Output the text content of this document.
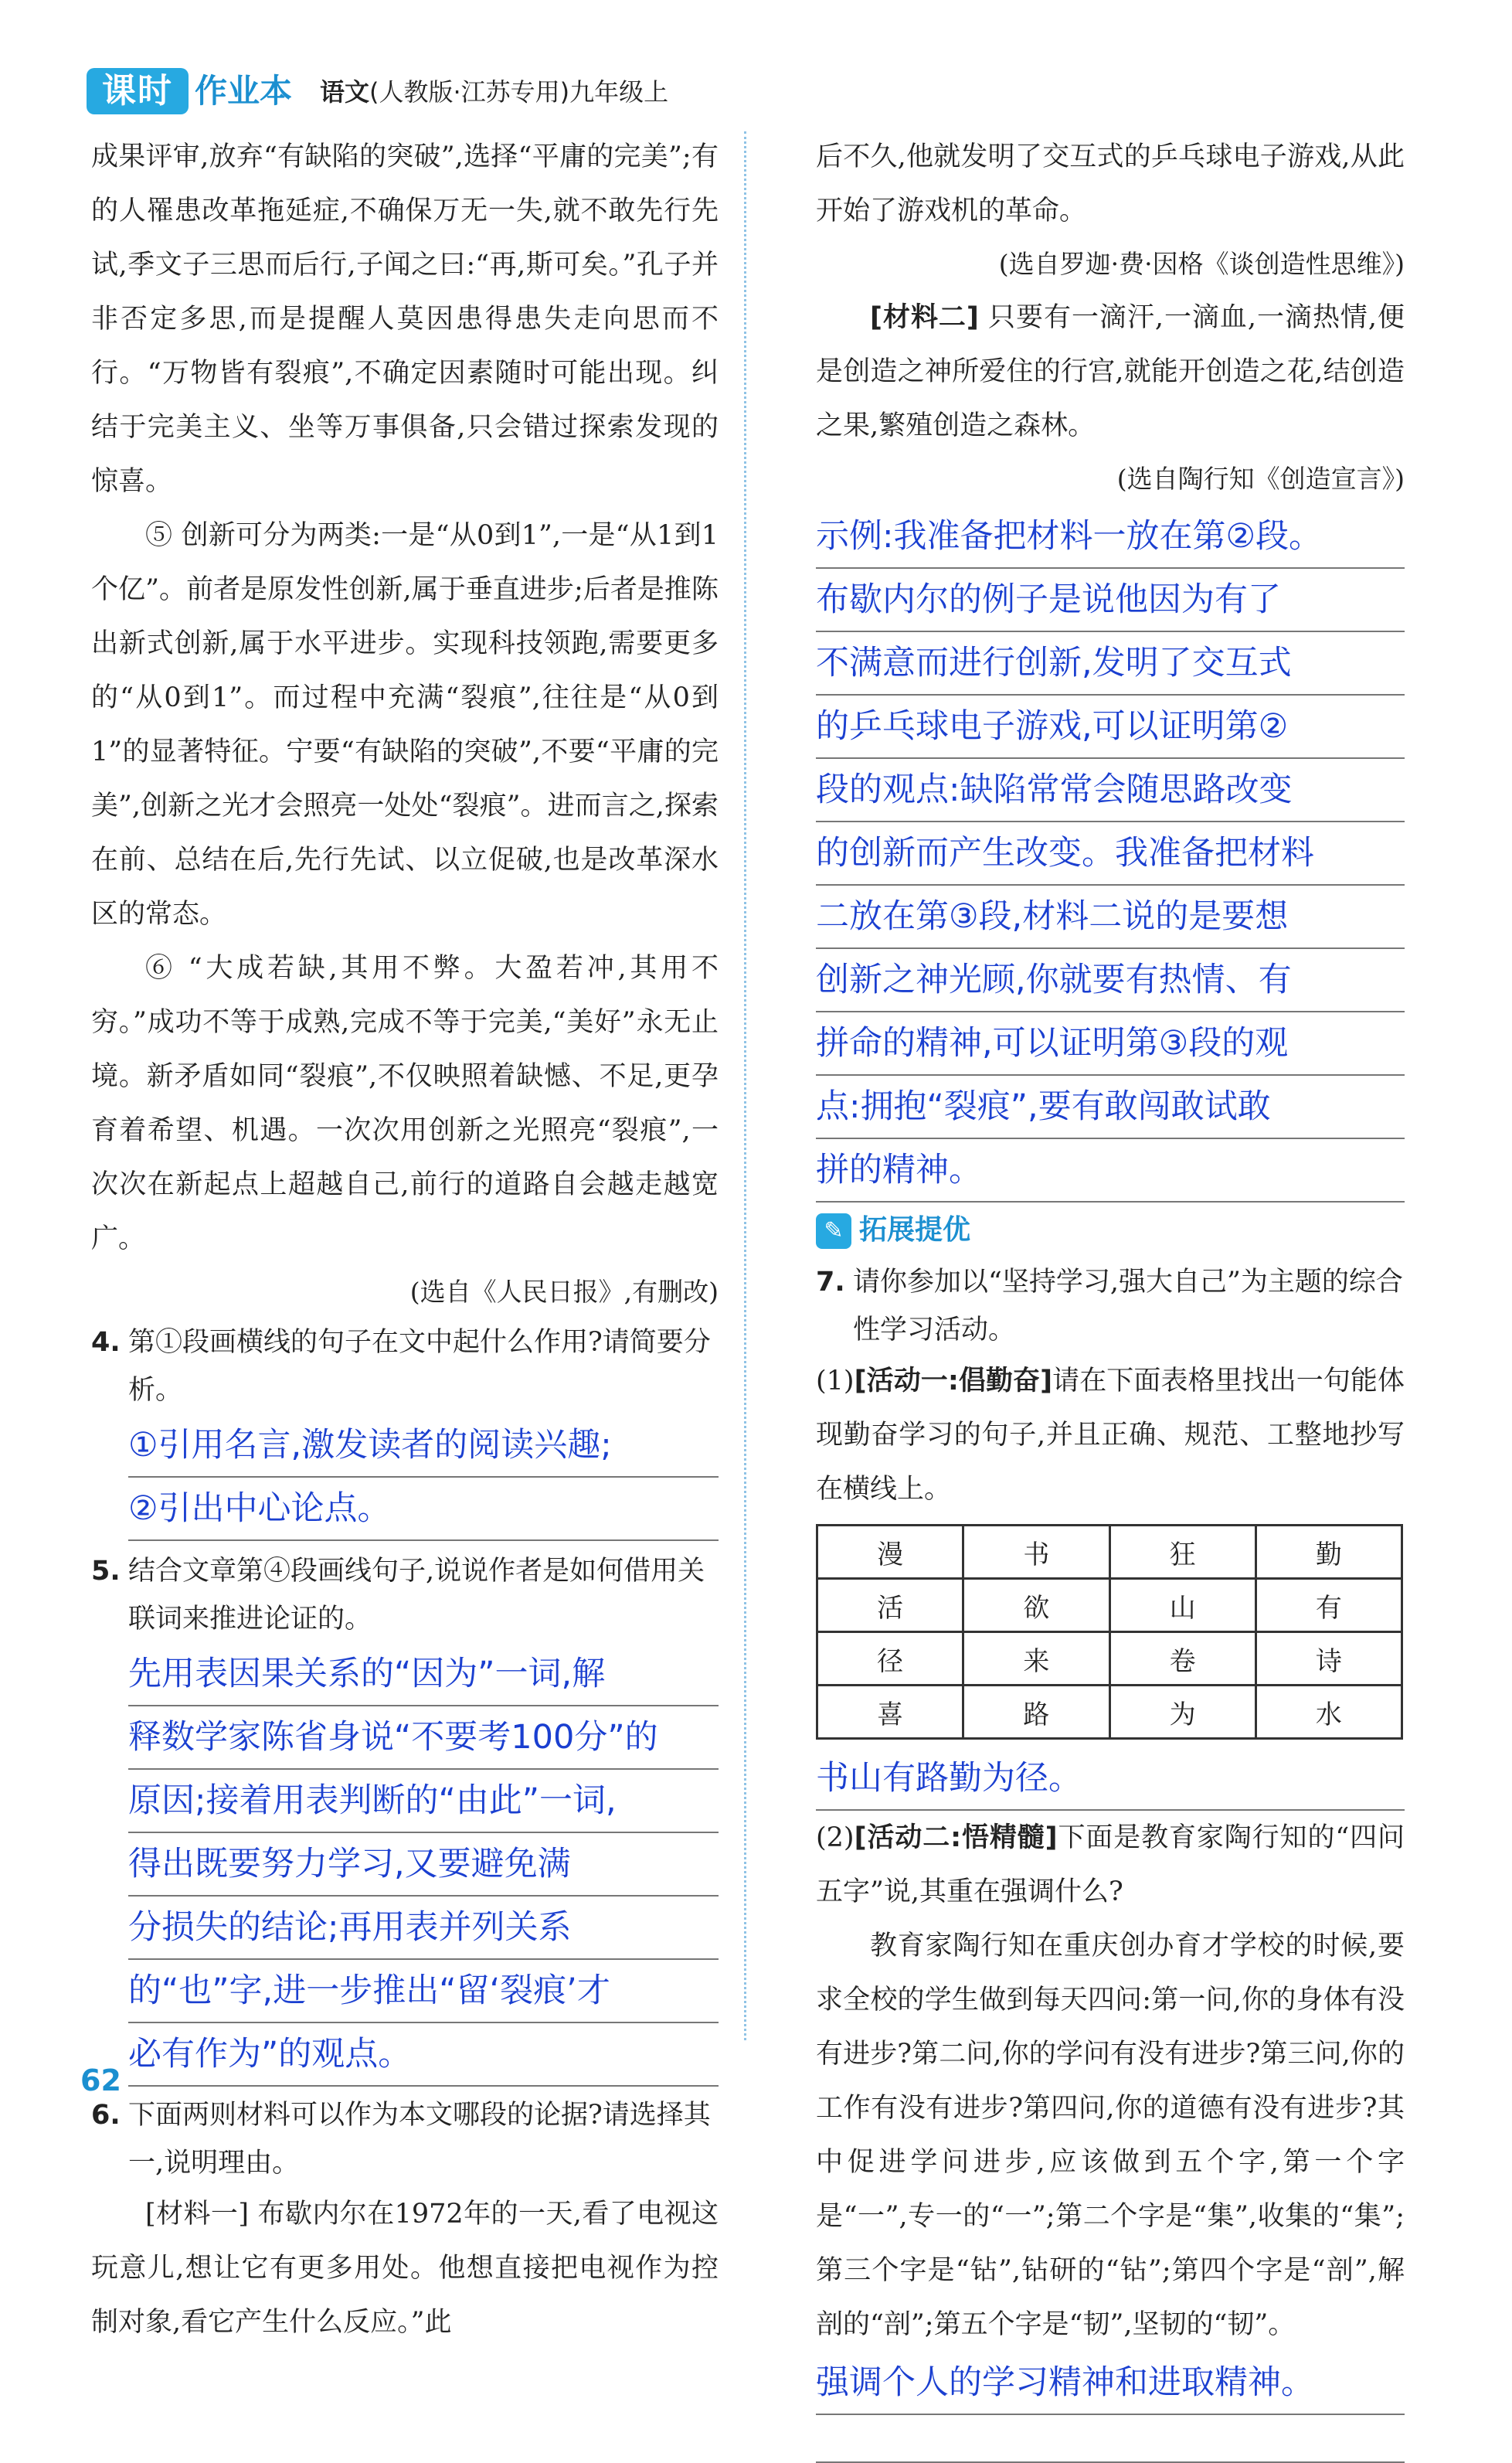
课时 作业本 语文(人教版·江苏专用)九年级上

成果评审,放弃“有缺陷的突破”,选择“平庸的完美”;有的人罹患改革拖延症,不确保万无一失,就不敢先行先试,季文子三思而后行,子闻之曰:“再,斯可矣。”孔子并非否定多思,而是提醒人莫因患得患失走向思而不行。“万物皆有裂痕”,不确定因素随时可能出现。纠结于完美主义、坐等万事俱备,只会错过探索发现的惊喜。

⑤ 创新可分为两类:一是“从0到1”,一是“从1到1个亿”。前者是原发性创新,属于垂直进步;后者是推陈出新式创新,属于水平进步。实现科技领跑,需要更多的“从0到1”。而过程中充满“裂痕”,往往是“从0到1”的显著特征。宁要“有缺陷的突破”,不要“平庸的完美”,创新之光才会照亮一处处“裂痕”。进而言之,探索在前、总结在后,先行先试、以立促破,也是改革深水区的常态。

⑥ “大成若缺,其用不弊。大盈若冲,其用不穷。”成功不等于成熟,完成不等于完美,“美好”永无止境。新矛盾如同“裂痕”,不仅映照着缺憾、不足,更孕育着希望、机遇。一次次用创新之光照亮“裂痕”,一次次在新起点上超越自己,前行的道路自会越走越宽广。

(选自《人民日报》,有删改)

4. 第①段画横线的句子在文中起什么作用?请简要分析。

①引用名言,激发读者的阅读兴趣;

②引出中心论点。

5. 结合文章第④段画线句子,说说作者是如何借用关联词来推进论证的。

先用表因果关系的“因为”一词,解

释数学家陈省身说“不要考100分”的

原因;接着用表判断的“由此”一词,

得出既要努力学习,又要避免满

分损失的结论;再用表并列关系

的“也”字,进一步推出“留‘裂痕’才

必有作为”的观点。

6. 下面两则材料可以作为本文哪段的论据?请选择其一,说明理由。

[材料一] 布歇内尔在1972年的一天,看了电视这玩意儿,想让它有更多用处。他想直接把电视作为控制对象,看它产生什么反应。”此

后不久,他就发明了交互式的乒乓球电子游戏,从此开始了游戏机的革命。

(选自罗迦·费·因格《谈创造性思维》)

[材料二] 只要有一滴汗,一滴血,一滴热情,便是创造之神所爱住的行宫,就能开创造之花,结创造之果,繁殖创造之森林。

(选自陶行知《创造宣言》)

示例:我准备把材料一放在第②段。

布歇内尔的例子是说他因为有了

不满意而进行创新,发明了交互式

的乒乓球电子游戏,可以证明第②

段的观点:缺陷常常会随思路改变

的创新而产生改变。我准备把材料

二放在第③段,材料二说的是要想

创新之神光顾,你就要有热情、有

拼命的精神,可以证明第③段的观

点:拥抱“裂痕”,要有敢闯敢试敢

拼的精神。

✎ 拓展提优

7. 请你参加以“坚持学习,强大自己”为主题的综合性学习活动。

(1)[活动一:倡勤奋]请在下面表格里找出一句能体现勤奋学习的句子,并且正确、规范、工整地抄写在横线上。

漫	书	狂	勤
活	欲	山	有
径	来	卷	诗
喜	路	为	水

书山有路勤为径。

(2)[活动二:悟精髓]下面是教育家陶行知的“四问五字”说,其重在强调什么?

教育家陶行知在重庆创办育才学校的时候,要求全校的学生做到每天四问:第一问,你的身体有没有进步?第二问,你的学问有没有进步?第三问,你的工作有没有进步?第四问,你的道德有没有进步?其中促进学问进步,应该做到五个字,第一个字是“一”,专一的“一”;第二个字是“集”,收集的“集”;第三个字是“钻”,钻研的“钻”;第四个字是“剖”,解剖的“剖”;第五个字是“韧”,坚韧的“韧”。

强调个人的学习精神和进取精神。

62
